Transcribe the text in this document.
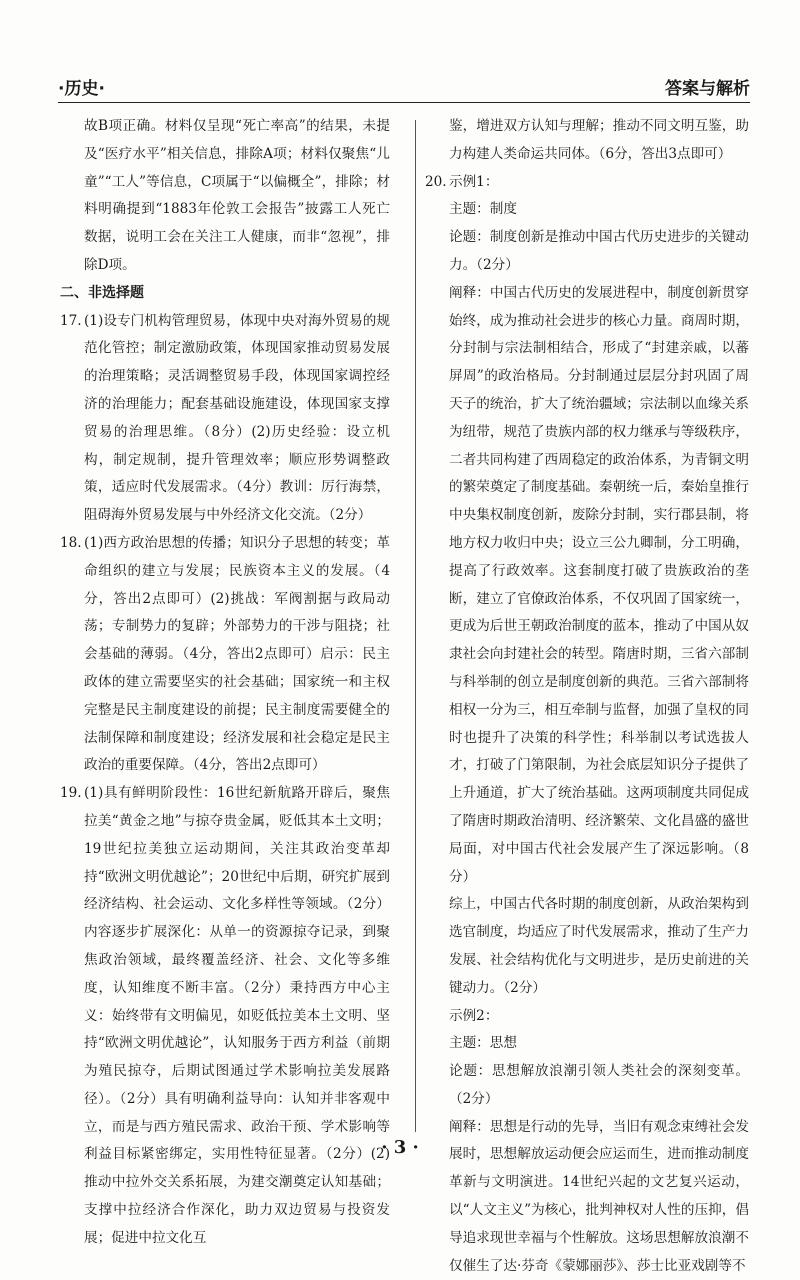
·历史·	答案与解析

故B项正确。材料仅呈现“死亡率高”的结果，未提及“医疗水平”相关信息，排除A项；材料仅聚焦“儿童”“工人”等信息，C项属于“以偏概全”，排除；材料明确提到“1883年伦敦工会报告”披露工人死亡数据，说明工会在关注工人健康，而非“忽视”，排除D项。

二、非选择题

17. (1)设专门机构管理贸易，体现中央对海外贸易的规范化管控；制定激励政策，体现国家推动贸易发展的治理策略；灵活调整贸易手段，体现国家调控经济的治理能力；配套基础设施建设，体现国家支撑贸易的治理思维。（8分）(2)历史经验：设立机构，制定规制，提升管理效率；顺应形势调整政策，适应时代发展需求。（4分）教训：厉行海禁，阻碍海外贸易发展与中外经济文化交流。（2分）

18. (1)西方政治思想的传播；知识分子思想的转变；革命组织的建立与发展；民族资本主义的发展。（4分，答出2点即可）(2)挑战：军阀割据与政局动荡；专制势力的复辟；外部势力的干涉与阻挠；社会基础的薄弱。（4分，答出2点即可）启示：民主政体的建立需要坚实的社会基础；国家统一和主权完整是民主制度建设的前提；民主制度需要健全的法制保障和制度建设；经济发展和社会稳定是民主政治的重要保障。（4分，答出2点即可）

19. (1)具有鲜明阶段性：16世纪新航路开辟后，聚焦拉美“黄金之地”与掠夺贵金属，贬低其本土文明；19世纪拉美独立运动期间，关注其政治变革却持“欧洲文明优越论”；20世纪中后期，研究扩展到经济结构、社会运动、文化多样性等领域。（2分）内容逐步扩展深化：从单一的资源掠夺记录，到聚焦政治领域，最终覆盖经济、社会、文化等多维度，认知维度不断丰富。（2分）秉持西方中心主义：始终带有文明偏见，如贬低拉美本土文明、坚持“欧洲文明优越论”，认知服务于西方利益（前期为殖民掠夺，后期试图通过学术影响拉美发展路径）。（2分）具有明确利益导向：认知并非客观中立，而是与西方殖民需求、政治干预、学术影响等利益目标紧密绑定，实用性特征显著。（2分）(2)推动中拉外交关系拓展，为建交潮奠定认知基础；支撑中拉经济合作深化，助力双边贸易与投资发展；促进中拉文化互

鉴，增进双方认知与理解；推动不同文明互鉴，助力构建人类命运共同体。（6分，答出3点即可）

20. 示例1：

主题：制度

论题：制度创新是推动中国古代历史进步的关键动力。（2分）

阐释：中国古代历史的发展进程中，制度创新贯穿始终，成为推动社会进步的核心力量。商周时期，分封制与宗法制相结合，形成了“封建亲戚，以蕃屏周”的政治格局。分封制通过层层分封巩固了周天子的统治，扩大了统治疆域；宗法制以血缘关系为纽带，规范了贵族内部的权力继承与等级秩序，二者共同构建了西周稳定的政治体系，为青铜文明的繁荣奠定了制度基础。秦朝统一后，秦始皇推行中央集权制度创新，废除分封制，实行郡县制，将地方权力收归中央；设立三公九卿制，分工明确，提高了行政效率。这套制度打破了贵族政治的垄断，建立了官僚政治体系，不仅巩固了国家统一，更成为后世王朝政治制度的蓝本，推动了中国从奴隶社会向封建社会的转型。隋唐时期，三省六部制与科举制的创立是制度创新的典范。三省六部制将相权一分为三，相互牵制与监督，加强了皇权的同时也提升了决策的科学性；科举制以考试选拔人才，打破了门第限制，为社会底层知识分子提供了上升通道，扩大了统治基础。这两项制度共同促成了隋唐时期政治清明、经济繁荣、文化昌盛的盛世局面，对中国古代社会发展产生了深远影响。（8分）

综上，中国古代各时期的制度创新，从政治架构到选官制度，均适应了时代发展需求，推动了生产力发展、社会结构优化与文明进步，是历史前进的关键动力。（2分）

示例2：

主题：思想

论题：思想解放浪潮引领人类社会的深刻变革。（2分）

阐释：思想是行动的先导，当旧有观念束缚社会发展时，思想解放运动便会应运而生，进而推动制度革新与文明演进。14世纪兴起的文艺复兴运动，以“人文主义”为核心，批判神权对人性的压抑，倡导追求现世幸福与个性解放。这场思想解放浪潮不仅催生了达·芬奇《蒙娜丽莎》、莎士比亚戏剧等不

· 3 ·
